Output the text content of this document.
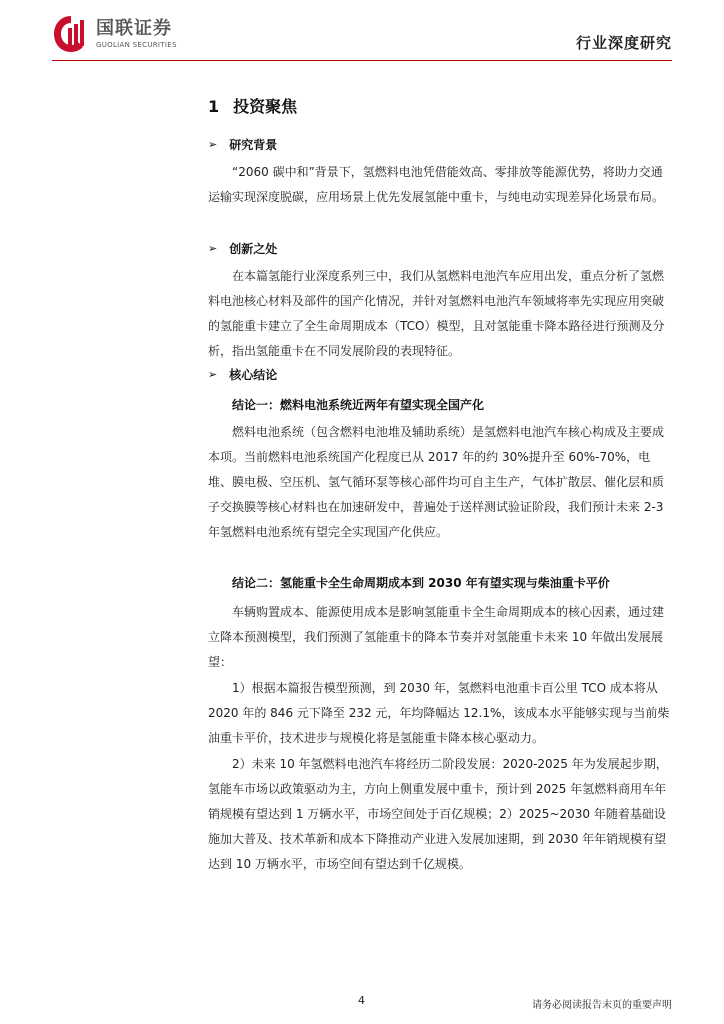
国联证券
GUOLIAN SECURITIES	行业深度研究
1 投资聚焦
➢ 研究背景

“2060 碳中和”背景下，氢燃料电池凭借能效高、零排放等能源优势，将助力交通运输实现深度脱碳，应用场景上优先发展氢能中重卡，与纯电动实现差异化场景布局。

➢ 创新之处

在本篇氢能行业深度系列三中，我们从氢燃料电池汽车应用出发，重点分析了氢燃料电池核心材料及部件的国产化情况，并针对氢燃料电池汽车领域将率先实现应用突破的氢能重卡建立了全生命周期成本（TCO）模型，且对氢能重卡降本路径进行预测及分析，指出氢能重卡在不同发展阶段的表现特征。

➢ 核心结论
结论一：燃料电池系统近两年有望实现全国产化

燃料电池系统（包含燃料电池堆及辅助系统）是氢燃料电池汽车核心构成及主要成本项。当前燃料电池系统国产化程度已从 2017 年的约 30%提升至 60%-70%，电堆、膜电极、空压机、氢气循环泵等核心部件均可自主生产，气体扩散层、催化层和质子交换膜等核心材料也在加速研发中，普遍处于送样测试验证阶段，我们预计未来 2-3 年氢燃料电池系统有望完全实现国产化供应。

结论二：氢能重卡全生命周期成本到 2030 年有望实现与柴油重卡平价

车辆购置成本、能源使用成本是影响氢能重卡全生命周期成本的核心因素，通过建立降本预测模型，我们预测了氢能重卡的降本节奏并对氢能重卡未来 10 年做出发展展望：

1）根据本篇报告模型预测，到 2030 年，氢燃料电池重卡百公里 TCO 成本将从 2020 年的 846 元下降至 232 元，年均降幅达 12.1%，该成本水平能够实现与当前柴油重卡平价，技术进步与规模化将是氢能重卡降本核心驱动力。

2）未来 10 年氢燃料电池汽车将经历二阶段发展：2020-2025 年为发展起步期，氢能车市场以政策驱动为主，方向上侧重发展中重卡，预计到 2025 年氢燃料商用车年销规模有望达到 1 万辆水平，市场空间处于百亿规模；2）2025~2030 年随着基础设施加大普及、技术革新和成本下降推动产业进入发展加速期，到 2030 年年销规模有望达到 10 万辆水平，市场空间有望达到千亿规模。

4	请务必阅读报告末页的重要声明
